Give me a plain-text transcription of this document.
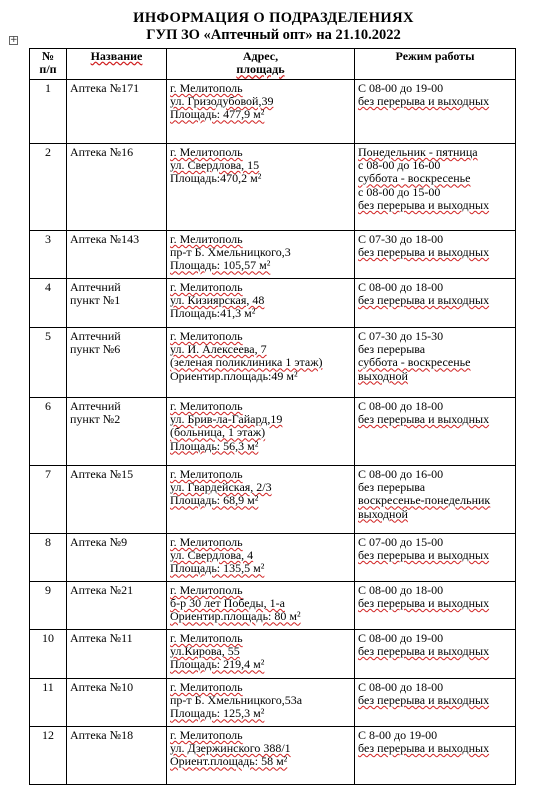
ИНФОРМАЦИЯ О ПОДРАЗДЕЛЕНИЯХ
ГУП ЗО «Аптечный опт» на 21.10.2022
+
№
п/п	Название	Адрес,
площадь	Режим работы

1	Аптека №171	г. Мелитополь
ул. Гризодубовой,39
Площадь: 477,9 м²	С 08-00 до 19-00
без перерыва и выходных

2	Аптека №16	г. Мелитополь
ул. Свердлова, 15
Площадь:470,2 м²	Понедельник - пятница
с 08-00 до 16-00
суббота - воскресенье
с 08-00 до 15-00
без перерыва и выходных

3	Аптека №143	г. Мелитополь
пр-т Б. Хмельницкого,3
Площадь: 105,57 м²	С 07-30 до 18-00
без перерыва и выходных

4	Аптечний
пункт №1	г. Мелитополь
ул. Кизиярская, 48
Площадь:41,3 м²	С 08-00 до 18-00
без перерыва и выходных

5	Аптечний
пункт №6	г. Мелитополь
ул. И. Алексеева, 7
(зеленая поликлиника 1 этаж)
Ориентир.площадь:49 м²	С 07-30 до 15-30
без перерыва
суббота - воскресенье
выходной

6	Аптечний
пункт №2	г. Мелитополь
ул. Брив-ла-Гайард,19
(больница, 1 этаж)
Площадь: 56,3 м²	С 08-00 до 18-00
без перерыва и выходных

7	Аптека №15	г. Мелитополь
ул. Гвардейская, 2/3
Площадь: 68,9 м²	С 08-00 до 16-00
без перерыва
воскресенье-понедельник
выходной

8	Аптека №9	г. Мелитополь
ул. Свердлова, 4
Площадь: 135,5 м²	С 07-00 до 15-00
без перерыва и выходных

9	Аптека №21	г. Мелитополь
б-р 30 лет Победы, 1-а
Ориентир.площадь: 80 м²	С 08-00 до 18-00
без перерыва и выходных

10	Аптека №11	г. Мелитополь
ул.Кирова, 55
Площадь: 219,4 м²	С 08-00 до 19-00
без перерыва и выходных

11	Аптека №10	г. Мелитополь
пр-т Б. Хмельницкого,53а
Площадь: 125,3 м²	С 08-00 до 18-00
без перерыва и выходных

12	Аптека №18	г. Мелитополь
ул. Дзержинского 388/1
Ориент.площадь: 58 м²	С 8-00 до 19-00
без перерыва и выходных
